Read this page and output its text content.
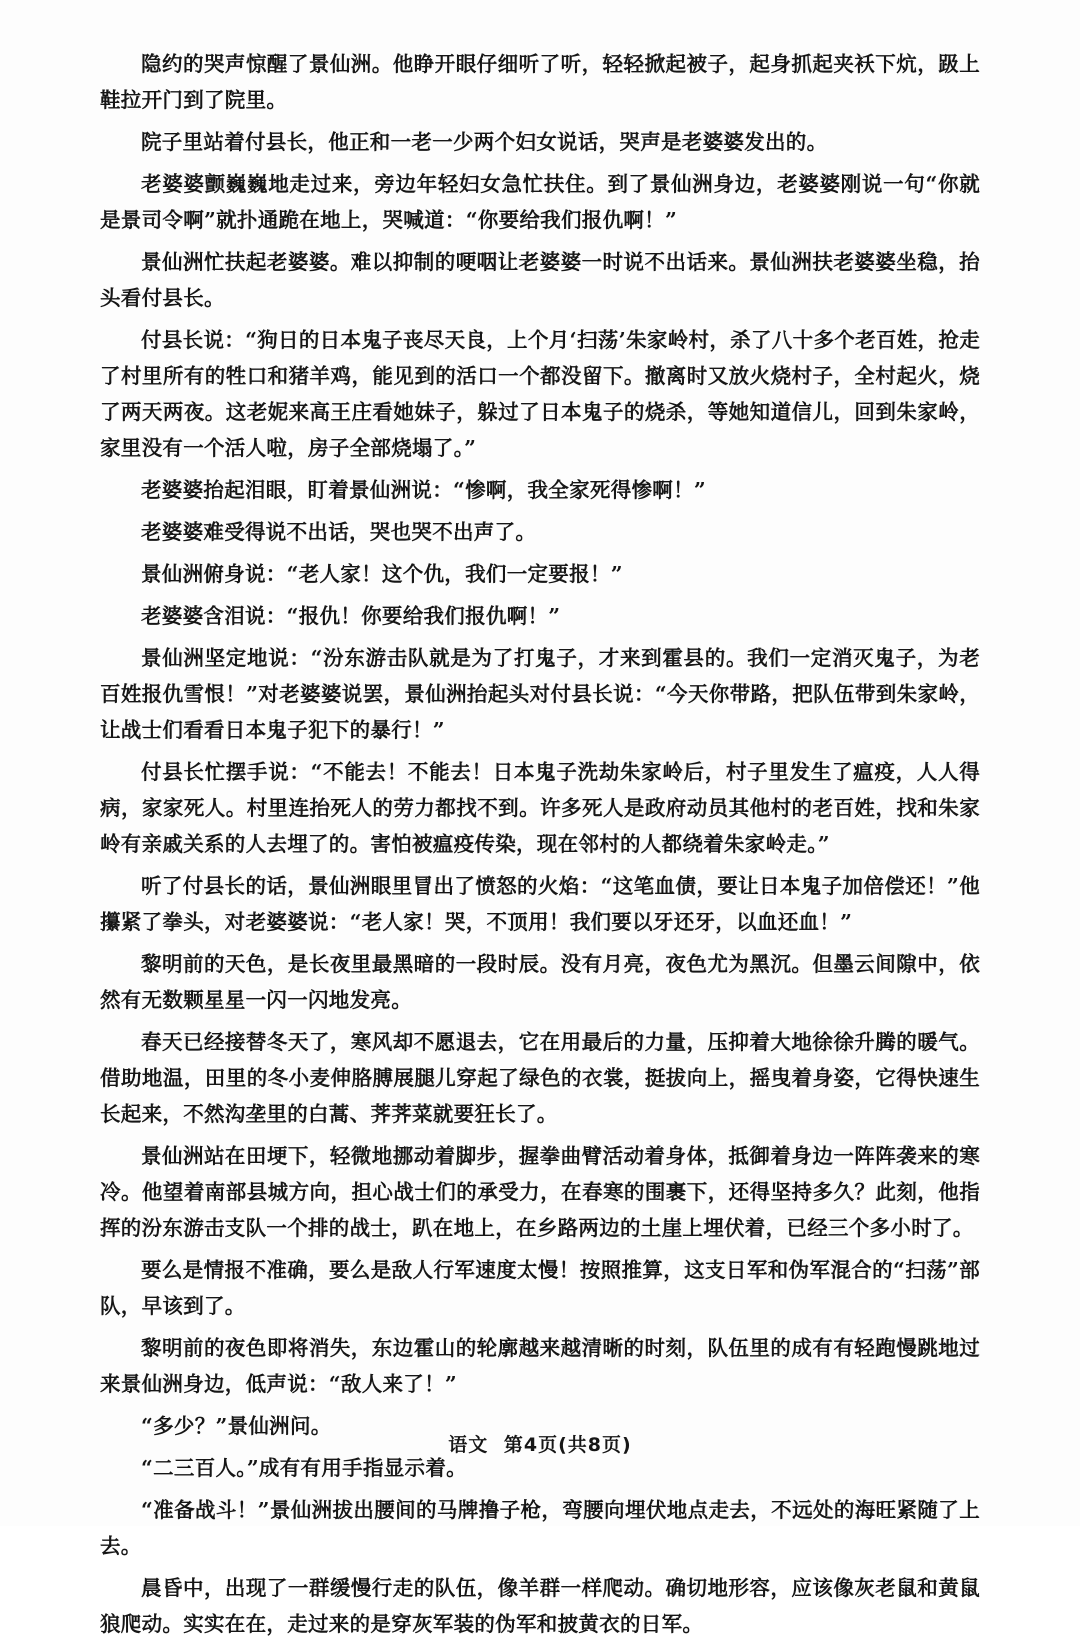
隐约的哭声惊醒了景仙洲。他睁开眼仔细听了听，轻轻掀起被子，起身抓起夹袄下炕，趿上鞋拉开门到了院里。

院子里站着付县长，他正和一老一少两个妇女说话，哭声是老婆婆发出的。

老婆婆颤巍巍地走过来，旁边年轻妇女急忙扶住。到了景仙洲身边，老婆婆刚说一句“你就是景司令啊”就扑通跪在地上，哭喊道：“你要给我们报仇啊！”

景仙洲忙扶起老婆婆。难以抑制的哽咽让老婆婆一时说不出话来。景仙洲扶老婆婆坐稳，抬头看付县长。

付县长说：“狗日的日本鬼子丧尽天良，上个月‘扫荡’朱家岭村，杀了八十多个老百姓，抢走了村里所有的牲口和猪羊鸡，能见到的活口一个都没留下。撤离时又放火烧村子，全村起火，烧了两天两夜。这老妮来高王庄看她妹子，躲过了日本鬼子的烧杀，等她知道信儿，回到朱家岭，家里没有一个活人啦，房子全部烧塌了。”

老婆婆抬起泪眼，盯着景仙洲说：“惨啊，我全家死得惨啊！”

老婆婆难受得说不出话，哭也哭不出声了。

景仙洲俯身说：“老人家！这个仇，我们一定要报！”

老婆婆含泪说：“报仇！你要给我们报仇啊！”

景仙洲坚定地说：“汾东游击队就是为了打鬼子，才来到霍县的。我们一定消灭鬼子，为老百姓报仇雪恨！”对老婆婆说罢，景仙洲抬起头对付县长说：“今天你带路，把队伍带到朱家岭，让战士们看看日本鬼子犯下的暴行！”

付县长忙摆手说：“不能去！不能去！日本鬼子洗劫朱家岭后，村子里发生了瘟疫，人人得病，家家死人。村里连抬死人的劳力都找不到。许多死人是政府动员其他村的老百姓，找和朱家岭有亲戚关系的人去埋了的。害怕被瘟疫传染，现在邻村的人都绕着朱家岭走。”

听了付县长的话，景仙洲眼里冒出了愤怒的火焰：“这笔血债，要让日本鬼子加倍偿还！”他攥紧了拳头，对老婆婆说：“老人家！哭，不顶用！我们要以牙还牙，以血还血！”

黎明前的天色，是长夜里最黑暗的一段时辰。没有月亮，夜色尤为黑沉。但墨云间隙中，依然有无数颗星星一闪一闪地发亮。

春天已经接替冬天了，寒风却不愿退去，它在用最后的力量，压抑着大地徐徐升腾的暖气。借助地温，田里的冬小麦伸胳膊展腿儿穿起了绿色的衣裳，挺拔向上，摇曳着身姿，它得快速生长起来，不然沟垄里的白蒿、荠荠菜就要狂长了。

景仙洲站在田埂下，轻微地挪动着脚步，握拳曲臂活动着身体，抵御着身边一阵阵袭来的寒冷。他望着南部县城方向，担心战士们的承受力，在春寒的围裹下，还得坚持多久？此刻，他指挥的汾东游击支队一个排的战士，趴在地上，在乡路两边的土崖上埋伏着，已经三个多小时了。

要么是情报不准确，要么是敌人行军速度太慢！按照推算，这支日军和伪军混合的“扫荡”部队，早该到了。

黎明前的夜色即将消失，东边霍山的轮廓越来越清晰的时刻，队伍里的成有有轻跑慢跳地过来景仙洲身边，低声说：“敌人来了！”

“多少？”景仙洲问。

“二三百人。”成有有用手指显示着。

“准备战斗！”景仙洲拔出腰间的马牌撸子枪，弯腰向埋伏地点走去，不远处的海旺紧随了上去。

晨昏中，出现了一群缓慢行走的队伍，像羊群一样爬动。确切地形容，应该像灰老鼠和黄鼠狼爬动。实实在在，走过来的是穿灰军装的伪军和披黄衣的日军。

语文 第4页(共8页)
